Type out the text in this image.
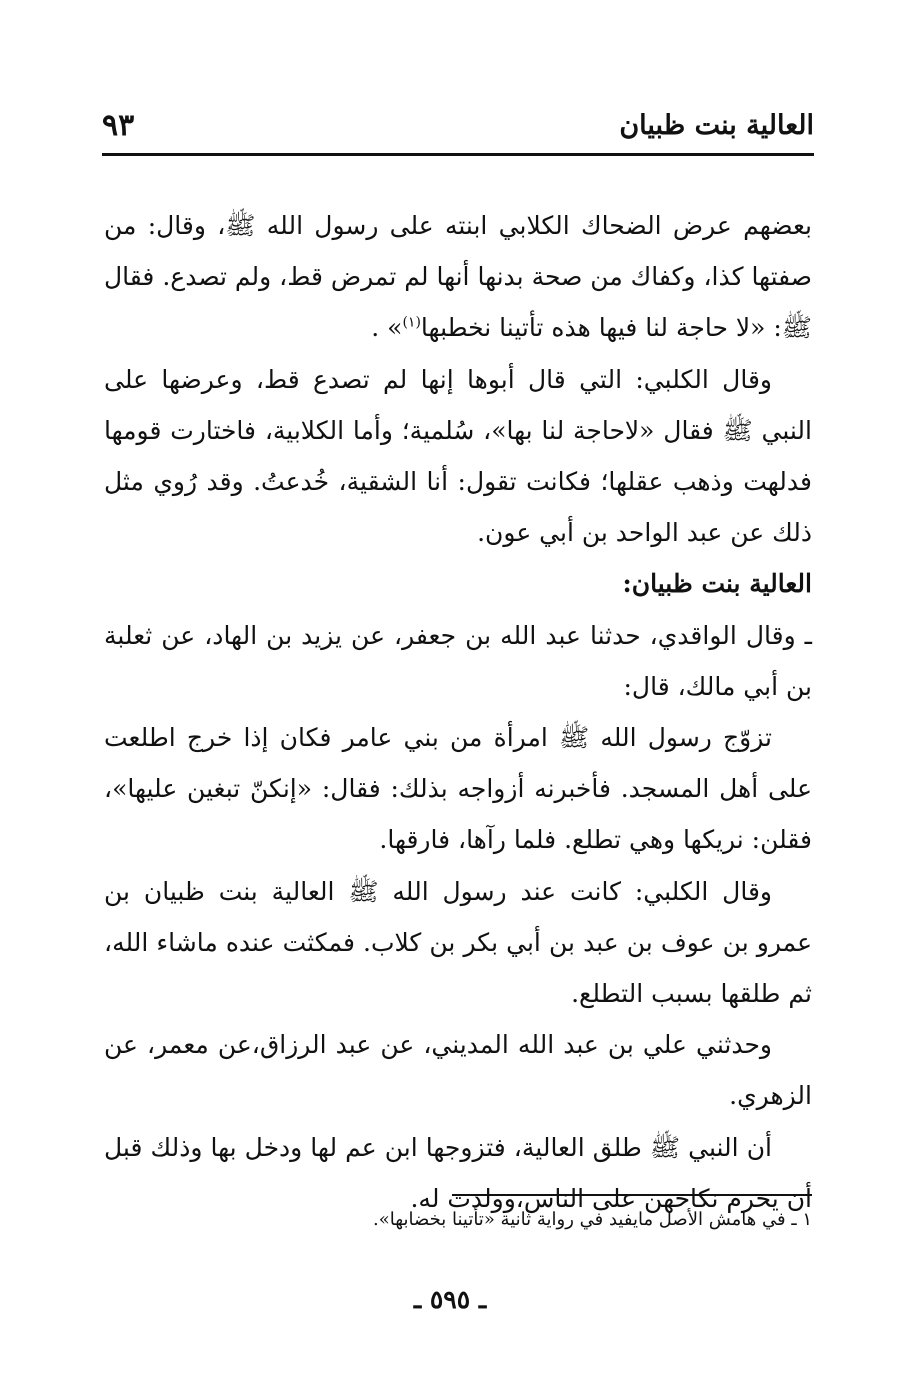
العالية بنت ظبيان
٩٣

بعضهم عرض الضحاك الكلابي ابنته على رسول الله ﷺ، وقال: من صفتها كذا، وكفاك من صحة بدنها أنها لم تمرض قط، ولم تصدع. فقال ﷺ: «لا حاجة لنا فيها هذه تأتينا نخطبها$^{(١)}$» .

وقال الكلبي: التي قال أبوها إنها لم تصدع قط، وعرضها على النبي ﷺ فقال «لاحاجة لنا بها»، سُلمية؛ وأما الكلابية، فاختارت قومها فدلهت وذهب عقلها؛ فكانت تقول: أنا الشقية، خُدعتُ. وقد رُوي مثل ذلك عن عبد الواحد بن أبي عون.

العالية بنت ظبيان:

ـ وقال الواقدي، حدثنا عبد الله بن جعفر، عن يزيد بن الهاد، عن ثعلبة بن أبي مالك، قال:

تزوّج رسول الله ﷺ امرأة من بني عامر فكان إذا خرج اطلعت على أهل المسجد. فأخبرنه أزواجه بذلك: فقال: «إنكنّ تبغين عليها»، فقلن: نريكها وهي تطلع. فلما رآها، فارقها.

وقال الكلبي: كانت عند رسول الله ﷺ العالية بنت ظبيان بن عمرو بن عوف بن عبد بن أبي بكر بن كلاب. فمكثت عنده ماشاء الله، ثم طلقها بسبب التطلع.

وحدثني علي بن عبد الله المديني، عن عبد الرزاق،عن معمر، عن الزهري.

أن النبي ﷺ طلق العالية، فتزوجها ابن عم لها ودخل بها وذلك قبل أن يحرم نكاحهن على الناس،وولدت له.

١ ـ في هامش الأصل مايفيد في رواية ثانية «تأتينا بخضابها».
ـ ٥٩٥ ـ
